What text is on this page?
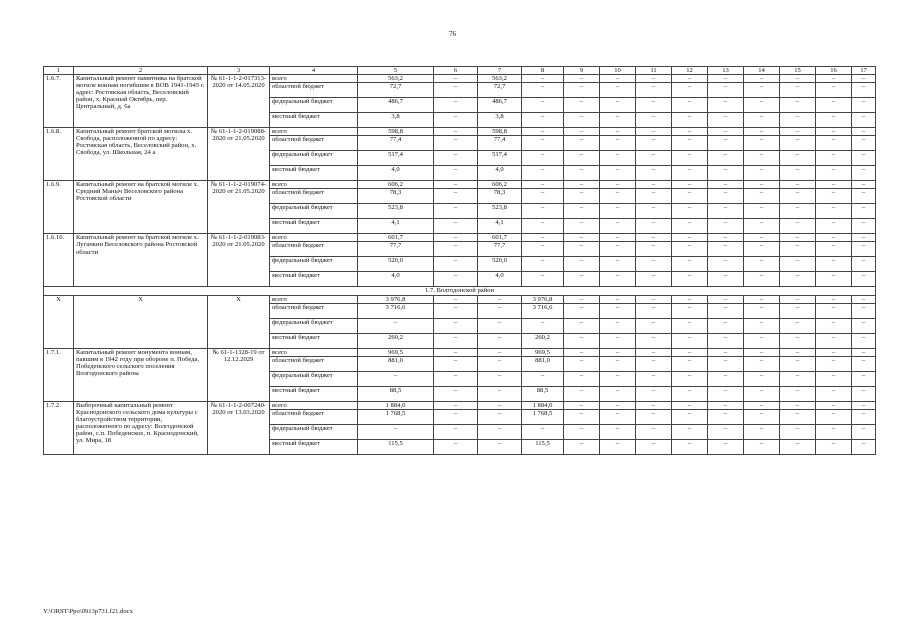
76
1	2	3	4	5	6	7	8	9	10	11	12	13	14	15	16	17
1.6.7.	Капитальный ремонт памятника на братской могиле воинам погибшим в ВОВ 1941-1945 г. адрес: Ростовская область, Веселовский район, х. Красный Октябрь, пер. Центральный, д. 6а	№ 61-1-1-2-017313-2020 от 14.05.2020	всего	563,2	–	563,2	–	–	–	–	–	–	–	–	–	–
			областной бюджет	72,7	–	72,7	–	–	–	–	–	–	–	–	–	–
			федеральный бюджет	486,7	–	486,7	–	–	–	–	–	–	–	–	–	–
			местный бюджет	3,8	–	3,8	–	–	–	–	–	–	–	–	–	–
1.6.8.	Капитальный ремонт братской могилы х. Свобода, расположенной по адресу: Ростовская область, Веселовский район, х. Свобода, ул. Школьная, 24 а	№ 61-1-1-2-019088-2020 от 21.05.2020	всего	598,8	–	598,8	–	–	–	–	–	–	–	–	–	–
			областной бюджет	77,4	–	77,4	–	–	–	–	–	–	–	–	–	–
			федеральный бюджет	517,4	–	517,4	–	–	–	–	–	–	–	–	–	–
			местный бюджет	4,0	–	4,0	–	–	–	–	–	–	–	–	–	–
1.6.9.	Капитальный ремонт на братской могиле х. Средний Маныч Веселовского района Ростовской области	№ 61-1-1-2-019074-2020 от 21.05.2020	всего	606,2	–	606,2	–	–	–	–	–	–	–	–	–	–
			областной бюджет	78,3	–	78,3	–	–	–	–	–	–	–	–	–	–
			федеральный бюджет	523,8	–	523,8	–	–	–	–	–	–	–	–	–	–
			местный бюджет	4,1	–	4,1	–	–	–	–	–	–	–	–	–	–
1.6.10.	Капитальный ремонт на братской могиле х. Луганкин Веселовского района Ростовской области	№ 61-1-1-2-019083-2020 от 21.05.2020	всего	601,7	–	601,7	–	–	–	–	–	–	–	–	–	–
			областной бюджет	77,7	–	77,7	–	–	–	–	–	–	–	–	–	–
			федеральный бюджет	520,0	–	520,0	–	–	–	–	–	–	–	–	–	–
			местный бюджет	4,0	–	4,0	–	–	–	–	–	–	–	–	–	–
1.7. Волгодонской район																
Х	Х	Х	всего	3 976,8	–	–	3 976,8	–	–	–	–	–	–	–	–	–
			областной бюджет	3 716,6	–	–	3 716,6	–	–	–	–	–	–	–	–	–
			федеральный бюджет	–	–	–	–	–	–	–	–	–	–	–	–	–
			местный бюджет	260,2	–	–	260,2	–	–	–	–	–	–	–	–	–
1.7.1.	Капитальный ремонт монумента воинам, павшим в 1942 году при обороне п. Победа, Победенского сельского поселения Волгодонского района	№ 61-1-1328-19 от 12.12.2029	всего	969,5	–	–	969,5	–	–	–	–	–	–	–	–	–
			областной бюджет	881,0	–	–	881,0	–	–	–	–	–	–	–	–	–
			федеральный бюджет	–	–	–	–	–	–	–	–	–	–	–	–	–
			местный бюджет	88,5	–	–	88,5	–	–	–	–	–	–	–	–	–
1.7.2.	Выборочный капитальный ремонт Краснодонского сельского дома культуры с благоустройством территории, расположенного по адресу: Волгодонской район, с.п. Победенское, п. Краснодонский, ул. Мира, 18	№ 61-1-1-2-007240-2020 от 13.03.2020	всего	1 884,0	–	–	1 884,0	–	–	–	–	–	–	–	–	–
			областной бюджет	1 768,5	–	–	1 768,5	–	–	–	–	–	–	–	–	–
			федеральный бюджет	–	–	–	–	–	–	–	–	–	–	–	–	–
			местный бюджет	115,5	–	–	115,5	–	–	–	–	–	–	–	–	–
Y:\ORST\Ppo\0913p731.f21.docx
